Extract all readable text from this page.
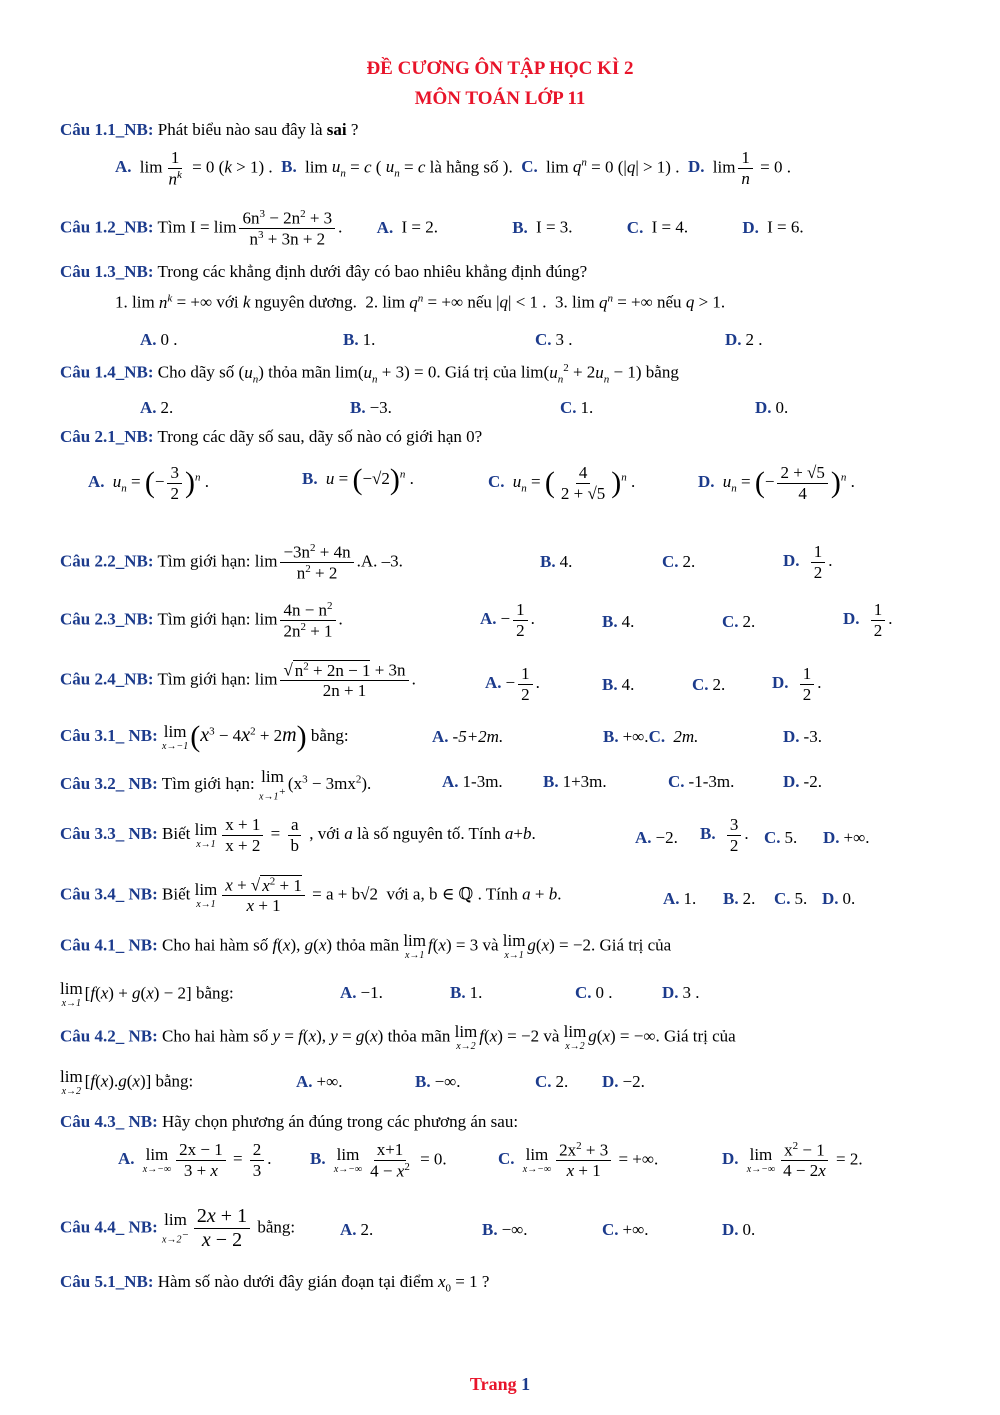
ĐỀ CƯƠNG ÔN TẬP HỌC KÌ 2
MÔN TOÁN LỚP 11
Câu 1.1_NB: Phát biểu nào sau đây là sai ?
A. $\lim \frac{1}{n^k} = 0$ (k > 1) .  B. $\lim u_n = c$ ( $u_n = c$ là hằng số ).  C. $\lim q^n = 0$ (|q| > 1) .  D. $\lim \frac{1}{n} = 0$ .
Câu 1.2_NB: Tìm $I = \lim \frac{6n^3 - 2n^2 + 3}{n^3 + 3n + 2}$ . A. I = 2.	B. I = 3.	C. I = 4.	D. I = 6.
Câu 1.3_NB: Trong các khẳng định dưới đây có bao nhiêu khẳng định đúng?
1. $\lim n^k$ = +∞ với k nguyên dương.  2. $\lim q^n$ = +∞ nếu |q| < 1 .  3. $\lim q^n$ = +∞ nếu q > 1.
A. 0 .	B. 1.	C. 3 .	D. 2 .
Câu 1.4_NB: Cho dãy số $(u_n)$ thỏa mãn $\lim(u_n + 3) = 0$. Giá trị của $\lim(u_n^2 + 2u_n - 1)$ bằng
A. 2.	B. −3.	C. 1.	D. 0.
Câu 2.1_NB: Trong các dãy số sau, dãy số nào có giới hạn 0?
A. $u_n$ = (− $\frac{3}{2} )^n$ .	B. $u = (-√2)^n$ .	C. $u_n$ = ( $\frac{4}{2 + √5} )^n$ .	D. $u_n$ = (− $\frac{2 + √5}{4} )^n$ .
Câu 2.2_NB: Tìm giới hạn: $\lim \frac{-3n^2 + 4n}{n^2 + 2} .A$. –3.	B. 4.	C. 2.	D. $\frac{1}{2}$ .
Câu 2.3_NB: Tìm giới hạn: $\lim \frac{4n - n^2}{2n^2 + 1}$ .	A. − $\frac{1}{2}$ .	B. 4.	C. 2.	D. $\frac{1}{2}$ .
Câu 2.4_NB: Tìm giới hạn: $\lim \frac{√ n^2 + 2n - 1 + 3n}{2n + 1}$ .	A. − $\frac{1}{2}$ .	B. 4.	C. 2.	D. $\frac{1}{2}$ .
Câu 3.1_ NB: lim
x→−1 $(x^3 - 4x^2 + 2m)$ bằng:	A. -5+2m.	B. +∞.C. 2m.	D. -3.
Câu 3.2_ NB: Tìm giới hạn: lim
x→1+ $(x^3 - 3mx^2)$.	A. 1-3m. B. 1+3m.	C. -1-3m.	D. -2.
Câu 3.3_ NB: Biết lim
$x\to 1 \frac{x + 1}{x + 2} = \frac{a}{b}$ , với a là số nguyên tố. Tính a+b.	A. −2. B. $\frac{3}{2}$ . C. 5. D. +∞.
Câu 3.4_ NB: Biết lim
$x\to 1 \frac{x + √ x^2 + 1}{x + 1} = a + b√2$  với a, b ∈ ℚ . Tính a + b.	A. 1. B. 2. C. 5. D. 0.
Câu 4.1_ NB: Cho hai hàm số f(x), g(x) thỏa mãn lim
x→1
f(x) = 3 và lim
x→1
g(x) = −2. Giá trị của
lim
x→1
[f(x) + g(x) − 2] bằng:	A. −1.	B. 1.	C. 0 .	D. 3 .
Câu 4.2_ NB: Cho hai hàm số y = f(x), y = g(x) thỏa mãn lim
x→2
f(x) = −2 và lim
x→2
g(x) = −∞. Giá trị của
lim
x→2
[f(x).g(x)] bằng:	A. +∞.	B. −∞.	C. 2. D. −2.
Câu 4.3_ NB: Hãy chọn phương án đúng trong các phương án sau:
A. lim
$x\to-\infty \frac{2x - 1}{3 + x} = \frac{2}{3}$ . B. lim
$x\to-\infty \frac{x+1}{4 - x^2} = 0$.	C. lim
$x\to-\infty \frac{2x^2 + 3}{x + 1}$ = +∞.	D. lim
$x\to-\infty \frac{x^2 - 1}{4 - 2x} = 2$.
Câu 4.4_ NB: lim
$x\to 2^- \frac{2x + 1}{x - 2}$ bằng:	A. 2.	B. −∞.	C. +∞.	D. 0.
Câu 5.1_NB: Hàm số nào dưới đây gián đoạn tại điểm $x_0 = 1$ ?
Trang 1
